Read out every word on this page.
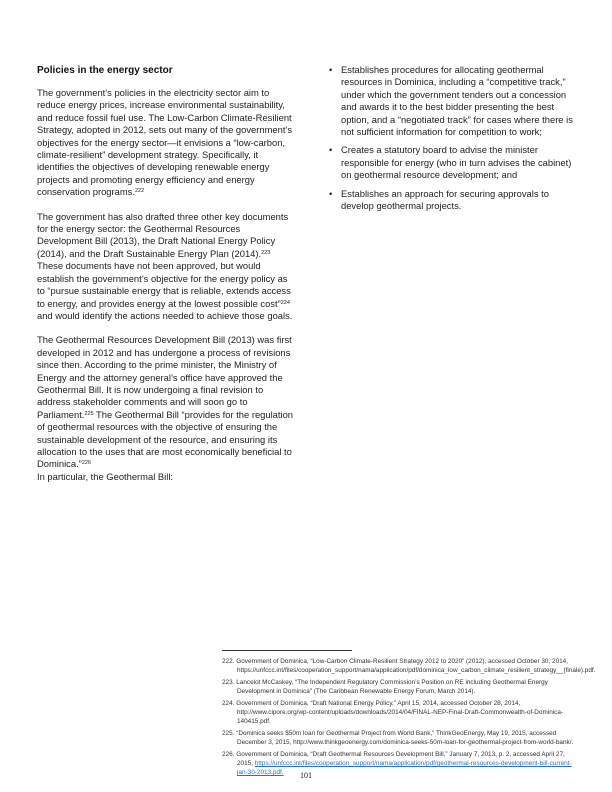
Policies in the energy sector

The government’s policies in the electricity sector aim to reduce energy prices, increase environmental sustainability, and reduce fossil fuel use. The Low-Carbon Climate-Resilient Strategy, adopted in 2012, sets out many of the government’s objectives for the energy sector—it envisions a “low-carbon, climate-resilient” development strategy. Specifically, it identifies the objectives of developing renewable energy projects and promoting energy efficiency and energy conservation programs.$^{222}$

The government has also drafted three other key documents for the energy sector: the Geothermal Resources Development Bill (2013), the Draft National Energy Policy (2014), and the Draft Sustainable Energy Plan (2014).$^{223}$ These documents have not been approved, but would establish the government’s objective for the energy policy as to “pursue sustainable energy that is reliable, extends access to energy, and provides energy at the lowest possible cost”$^{224}$ and would identify the actions needed to achieve those goals.

The Geothermal Resources Development Bill (2013) was first developed in 2012 and has undergone a process of revisions since then. According to the prime minister, the Ministry of Energy and the attorney general’s office have approved the Geothermal Bill. It is now undergoing a final revision to address stakeholder comments and will soon go to Parliament.$^{225}$ The Geothermal Bill “provides for the regulation of geothermal resources with the objective of ensuring the sustainable development of the resource, and ensuring its allocation to the uses that are most economically beneficial to Dominica.”$^{226}$
In particular, the Geothermal Bill:

• Establishes procedures for allocating geothermal resources in Dominica, including a “competitive track,” under which the government tenders out a concession and awards it to the best bidder presenting the best option, and a “negotiated track” for cases where there is not sufficient information for competition to work;
• Creates a statutory board to advise the minister responsible for energy (who in turn advises the cabinet) on geothermal resource development; and
• Establishes an approach for securing approvals to develop geothermal projects.
222. Government of Dominica, “Low-Carbon Climate-Resilient Strategy 2012 to 2020” (2012), accessed October 30, 2014, https://unfccc.int/files/cooperation_support/nama/application/pdf/dominica_low_carbon_climate_resilient_strategy__(finale).pdf.
223. Lancelot McCaskey, “The Independent Regulatory Commission’s Position on RE including Geothermal Energy Development in Dominica” (The Caribbean Renewable Energy Forum, March 2014).
224. Government of Dominica, “Draft National Energy Policy,” April 15, 2014, accessed October 28, 2014, http://www.cipore.org/wp-content/uploads/downloads/2014/04/FINAL-NEP-Final-Draft-Commonwealth-of-Dominica-140415.pdf.
225. “Dominica seeks $50m loan for Geothermal Project from World Bank,” ThinkGeoEnergy, May 19, 2015, accessed December 3, 2015, http://www.thinkgeoenergy.com/dominica-seeks-50m-loan-for-geothermal-project-from-world-bank/.
226. Government of Dominica, “Draft Geothermal Resources Development Bill,” January 7, 2013, p. 2, accessed April 27, 2015, https://unfccc.int/files/cooperation_support/nama/application/pdf/geothermal-resources-development-bill-current-jan-30-2013.pdf.	101
